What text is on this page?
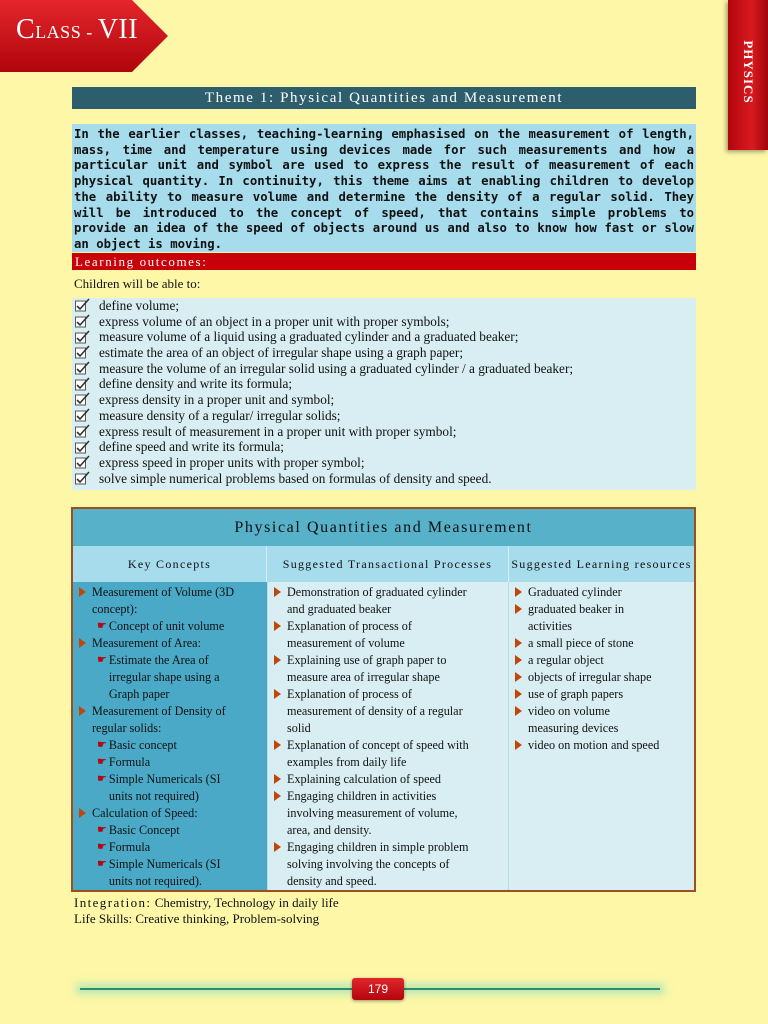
CLASS - VII
PHYSICS
Theme 1: Physical Quantities and Measurement
In the earlier classes, teaching-learning emphasised on the measurement of length, mass, time and temperature using devices made for such measurements and how a particular unit and symbol are used to express the result of measurement of each physical quantity. In continuity, this theme aims at enabling children to develop the ability to measure volume and determine the density of a regular solid. They will be introduced to the concept of speed, that contains simple problems to provide an idea of the speed of objects around us and also to know how fast or slow an object is moving.
Learning outcomes:
Children will be able to:
define volume;
express volume of an object in a proper unit with proper symbols;
measure volume of a liquid using a graduated cylinder and a graduated beaker;
estimate the area of an object of irregular shape using a graph paper;
measure the volume of an irregular solid using a graduated cylinder / a graduated beaker;
define density and write its formula;
express density in a proper unit and symbol;
measure density of a regular/ irregular solids;
express result of measurement in a proper unit with proper symbol;
define speed and write its formula;
express speed in proper units with proper symbol;
solve simple numerical problems based on formulas of density and speed.
Physical Quantities and Measurement
Key Concepts	Suggested Transactional Processes	Suggested Learning resources
Measurement of Volume (3D
concept):
☛ Concept of unit volume
Measurement of Area:
☛ Estimate the Area of
irregular shape using a
Graph paper
Measurement of Density of
regular solids:
☛ Basic concept
☛ Formula
☛ Simple Numericals (SI
units not required)
Calculation of Speed:
☛ Basic Concept
☛ Formula
☛ Simple Numericals (SI
units not required).
Demonstration of graduated cylinder
and graduated beaker
Explanation of process of
measurement of volume
Explaining use of graph paper to
measure area of irregular shape
Explanation of process of
measurement of density of a regular
solid
Explanation of concept of speed with
examples from daily life
Explaining calculation of speed
Engaging children in activities
involving measurement of volume,
area, and density.
Engaging children in simple problem
solving involving the concepts of
density and speed.
Graduated cylinder
graduated beaker in
activities
a small piece of stone
a regular object
objects of irregular shape
use of graph papers
video on volume
measuring devices
video on motion and speed
Integration: Chemistry, Technology in daily life
Life Skills: Creative thinking, Problem-solving
179
